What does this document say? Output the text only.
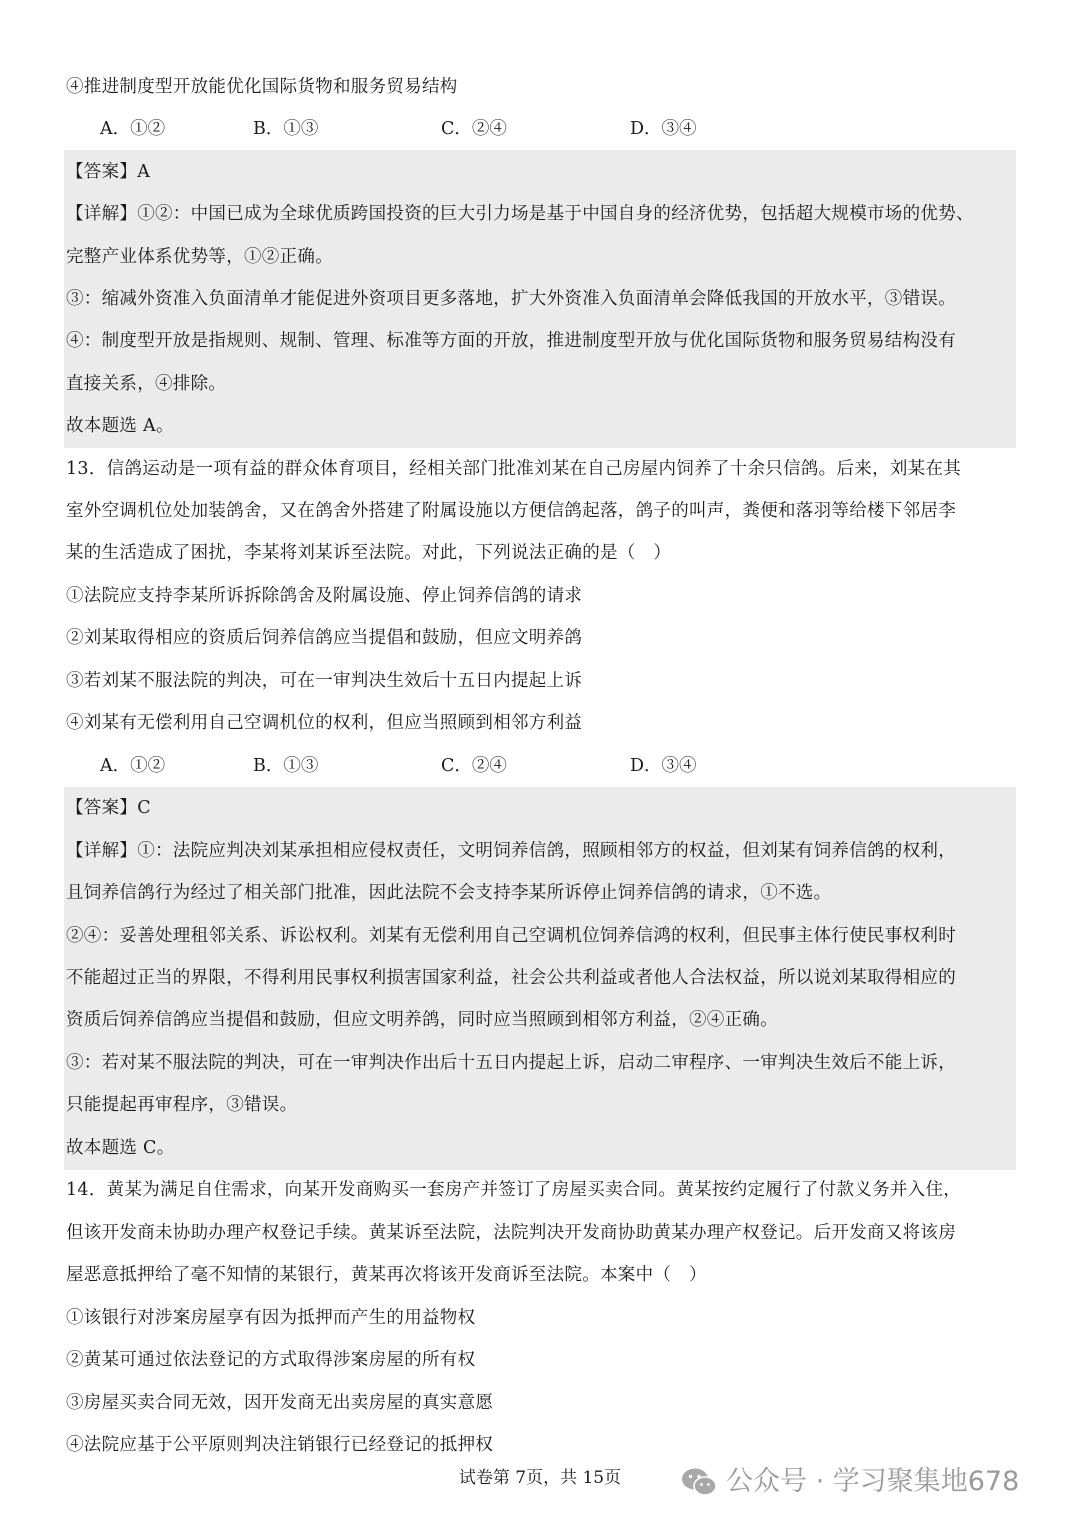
④推进制度型开放能优化国际货物和服务贸易结构
A．①②	B．①③	C．②④	D．③④
【答案】A
【详解】①②：中国已成为全球优质跨国投资的巨大引力场是基于中国自身的经济优势，包括超大规模市场的优势、
完整产业体系优势等，①②正确。
③：缩减外资准入负面清单才能促进外资项目更多落地，扩大外资准入负面清单会降低我国的开放水平，③错误。
④：制度型开放是指规则、规制、管理、标准等方面的开放，推进制度型开放与优化国际货物和服务贸易结构没有
直接关系，④排除。
故本题选 A。
13．信鸽运动是一项有益的群众体育项目，经相关部门批准刘某在自己房屋内饲养了十余只信鸽。后来，刘某在其
室外空调机位处加装鸽舍，又在鸽舍外搭建了附属设施以方便信鸽起落，鸽子的叫声，粪便和落羽等给楼下邻居李
某的生活造成了困扰，李某将刘某诉至法院。对此，下列说法正确的是（　）
①法院应支持李某所诉拆除鸽舍及附属设施、停止饲养信鸽的请求
②刘某取得相应的资质后饲养信鸽应当提倡和鼓励，但应文明养鸽
③若刘某不服法院的判决，可在一审判决生效后十五日内提起上诉
④刘某有无偿利用自己空调机位的权利，但应当照顾到相邻方利益
A．①②	B．①③	C．②④	D．③④
【答案】C
【详解】①：法院应判决刘某承担相应侵权责任，文明饲养信鸽，照顾相邻方的权益，但刘某有饲养信鸽的权利，
且饲养信鸽行为经过了相关部门批准，因此法院不会支持李某所诉停止饲养信鸽的请求，①不选。
②④：妥善处理租邻关系、诉讼权利。刘某有无偿利用自己空调机位饲养信鸿的权利，但民事主体行使民事权利时
不能超过正当的界限，不得利用民事权利损害国家利益，社会公共利益或者他人合法权益，所以说刘某取得相应的
资质后饲养信鸽应当提倡和鼓励，但应文明养鸽，同时应当照顾到相邻方利益，②④正确。
③：若对某不服法院的判决，可在一审判决作出后十五日内提起上诉，启动二审程序、一审判决生效后不能上诉，
只能提起再审程序，③错误。
故本题选 C。
14．黄某为满足自住需求，向某开发商购买一套房产并签订了房屋买卖合同。黄某按约定履行了付款义务并入住，
但该开发商未协助办理产权登记手续。黄某诉至法院，法院判决开发商协助黄某办理产权登记。后开发商又将该房
屋恶意抵押给了毫不知情的某银行，黄某再次将该开发商诉至法院。本案中（　）
①该银行对涉案房屋享有因为抵押而产生的用益物权
②黄某可通过依法登记的方式取得涉案房屋的所有权
③房屋买卖合同无效，因开发商无出卖房屋的真实意愿
④法院应基于公平原则判决注销银行已经登记的抵押权
试卷第 7页，共 15页	公众号 · 学习聚集地678
